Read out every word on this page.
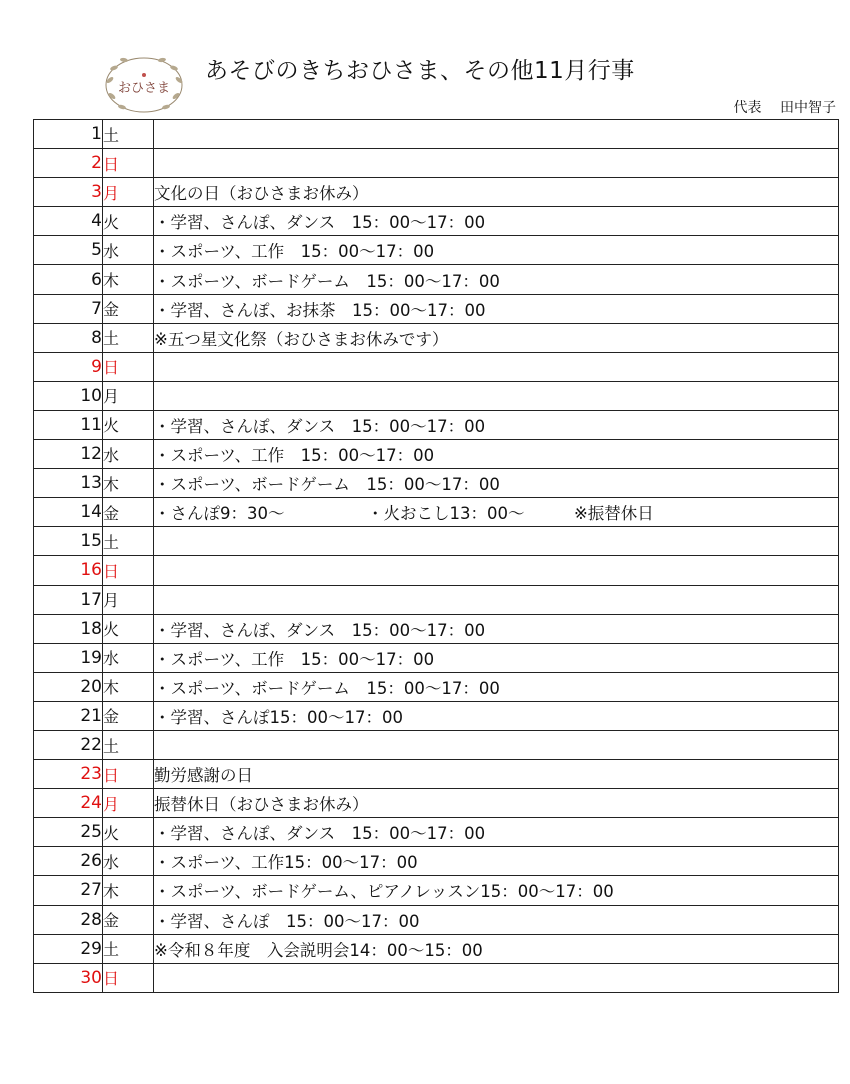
おひさま
あそびのきちおひさま、その他11月行事
代表 田中智子
1	土	
2	日	
3	月	文化の日（おひさまお休み）
4	火	・学習、さんぽ、ダンス　15：00〜17：00
5	水	・スポーツ、工作　15：00〜17：00
6	木	・スポーツ、ボードゲーム　15：00〜17：00
7	金	・学習、さんぽ、お抹茶　15：00〜17：00
8	土	※五つ星文化祭（おひさまお休みです）
9	日	
10	月	
11	火	・学習、さんぽ、ダンス　15：00〜17：00
12	水	・スポーツ、工作　15：00〜17：00
13	木	・スポーツ、ボードゲーム　15：00〜17：00
14	金	・さんぽ9：30〜　　　　　・火おこし13：00〜　　　※振替休日
15	土	
16	日	
17	月	
18	火	・学習、さんぽ、ダンス　15：00〜17：00
19	水	・スポーツ、工作　15：00〜17：00
20	木	・スポーツ、ボードゲーム　15：00〜17：00
21	金	・学習、さんぽ15：00〜17：00
22	土	
23	日	勤労感謝の日
24	月	振替休日（おひさまお休み）
25	火	・学習、さんぽ、ダンス　15：00〜17：00
26	水	・スポーツ、工作15：00〜17：00
27	木	・スポーツ、ボードゲーム、ピアノレッスン15：00〜17：00
28	金	・学習、さんぽ　15：00〜17：00
29	土	※令和８年度　入会説明会14：00〜15：00
30	日	
